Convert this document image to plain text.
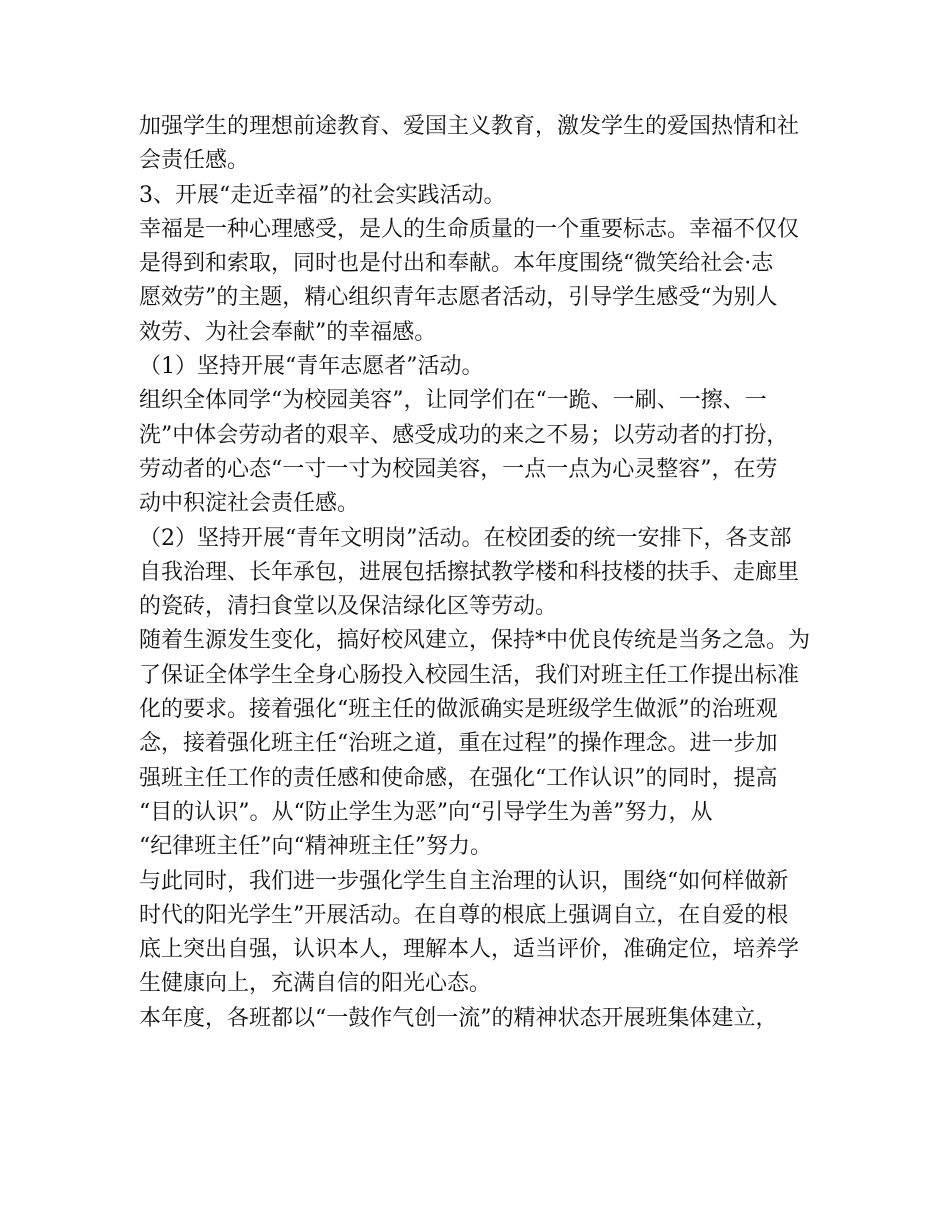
加强学生的理想前途教育、爱国主义教育，激发学生的爱国热情和社
会责任感。
3、开展“走近幸福”的社会实践活动。
幸福是一种心理感受，是人的生命质量的一个重要标志。幸福不仅仅
是得到和索取，同时也是付出和奉献。本年度围绕“微笑给社会·志
愿效劳”的主题，精心组织青年志愿者活动，引导学生感受“为别人
效劳、为社会奉献”的幸福感。
（1）坚持开展“青年志愿者”活动。
组织全体同学“为校园美容”，让同学们在“一跪、一刷、一擦、一
洗”中体会劳动者的艰辛、感受成功的来之不易；以劳动者的打扮，
劳动者的心态“一寸一寸为校园美容，一点一点为心灵整容”，在劳
动中积淀社会责任感。
（2）坚持开展“青年文明岗”活动。在校团委的统一安排下，各支部
自我治理、长年承包，进展包括擦拭教学楼和科技楼的扶手、走廊里
的瓷砖，清扫食堂以及保洁绿化区等劳动。
随着生源发生变化，搞好校风建立，保持*中优良传统是当务之急。为
了保证全体学生全身心肠投入校园生活，我们对班主任工作提出标准
化的要求。接着强化“班主任的做派确实是班级学生做派”的治班观
念，接着强化班主任“治班之道，重在过程”的操作理念。进一步加
强班主任工作的责任感和使命感，在强化“工作认识”的同时，提高
“目的认识”。从“防止学生为恶”向“引导学生为善”努力，从
“纪律班主任”向“精神班主任”努力。
与此同时，我们进一步强化学生自主治理的认识，围绕“如何样做新
时代的阳光学生”开展活动。在自尊的根底上强调自立，在自爱的根
底上突出自强，认识本人，理解本人，适当评价，准确定位，培养学
生健康向上，充满自信的阳光心态。
本年度，各班都以“一鼓作气创一流”的精神状态开展班集体建立，
